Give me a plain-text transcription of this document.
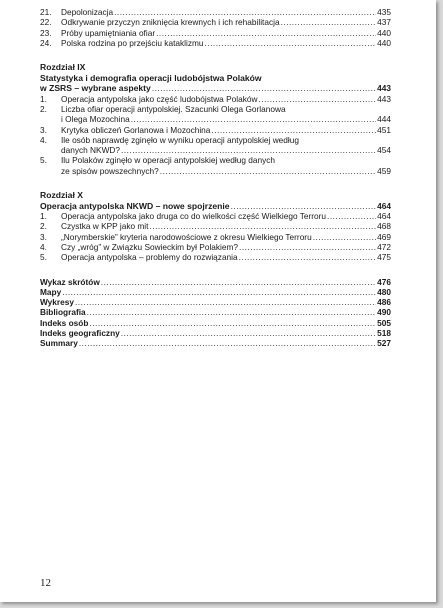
21.	Depolonizacja .....	435
22.	Odkrywanie przyczyn zniknięcia krewnych i ich rehabilitacja .....	437
23.	Próby upamiętniania ofiar .....	440
24.	Polska rodzina po przejściu kataklizmu .....	440
Rozdział IX
Statystyka i demografia operacji ludobójstwa Polaków
w ZSRS – wybrane aspekty .....	443
1.	Operacja antypolska jako część ludobójstwa Polaków .....	443
2.	Liczba ofiar operacji antypolskiej. Szacunki Olega Gorlanowa
i Olega Mozochina .....	444
3.	Krytyka obliczeń Gorlanowa i Mozochina .....	451
4.	Ile osób naprawdę zginęło w wyniku operacji antypolskiej według
danych NKWD? .....	454
5.	Ilu Polaków zginęło w operacji antypolskiej według danych
ze spisów powszechnych? .....	459
Rozdział X
Operacja antypolska NKWD – nowe spojrzenie .....	464
1.	Operacja antypolska jako druga co do wielkości część Wielkiego Terroru .....	464
2.	Czystka w KPP jako mit .....	468
3.	„Norymberskie” kryteria narodowościowe z okresu Wielkiego Terroru .....	469
4.	Czy „wróg” w Związku Sowieckim był Polakiem? .....	472
5.	Operacja antypolska – problemy do rozwiązania .....	475
Wykaz skrótów .....	476
Mapy .....	480
Wykresy .....	486
Bibliografia .....	490
Indeks osób .....	505
Indeks geograficzny .....	518
Summary .....	527
12
